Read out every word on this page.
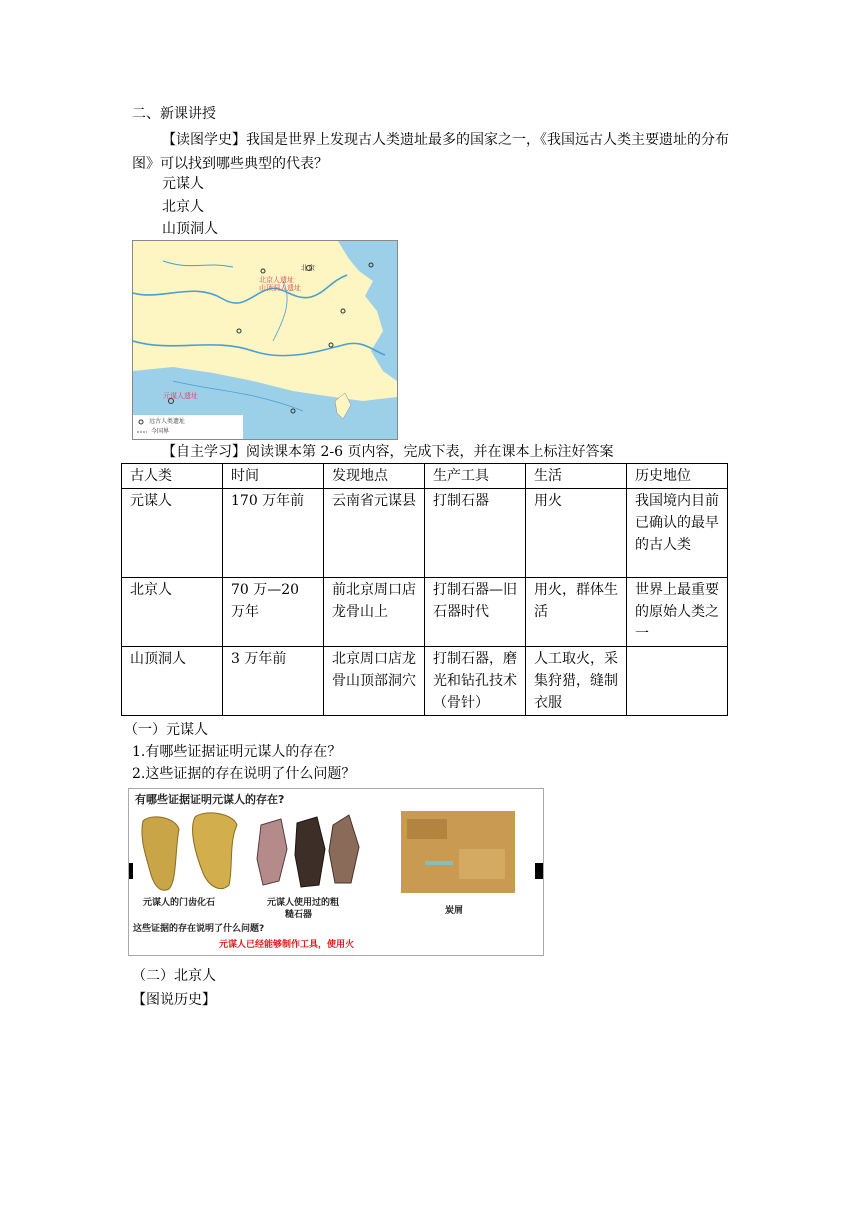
二、新课讲授
【读图学史】我国是世界上发现古人类遗址最多的国家之一，《我国远古人类主要遗址的分布图》可以找到哪些典型的代表？
元谋人
北京人
山顶洞人
北京
北京人遗址
山顶洞人遗址
元谋人遗址
远古人类遗址
今国界
【自主学习】阅读课本第 2-6 页内容，完成下表，并在课本上标注好答案
古人类	时间	发现地点	生产工具	生活	历史地位
元谋人	170 万年前	云南省元谋县	打制石器	用火	我国境内目前已确认的最早的古人类
北京人	70 万—20 万年	前北京周口店龙骨山上	打制石器—旧石器时代	用火，群体生活	世界上最重要的原始人类之一
山顶洞人	3 万年前	北京周口店龙骨山顶部洞穴	打制石器，磨光和钻孔技术（骨针）	人工取火，采集狩猎，缝制衣服	
（一）元谋人
1.有哪些证据证明元谋人的存在？
2.这些证据的存在说明了什么问题？
有哪些证据证明元谋人的存在?
元谋人的门齿化石	元谋人使用过的粗
糙石器	炭屑
这些证据的存在说明了什么问题?
元谋人已经能够制作工具，使用火
（二）北京人
【图说历史】
